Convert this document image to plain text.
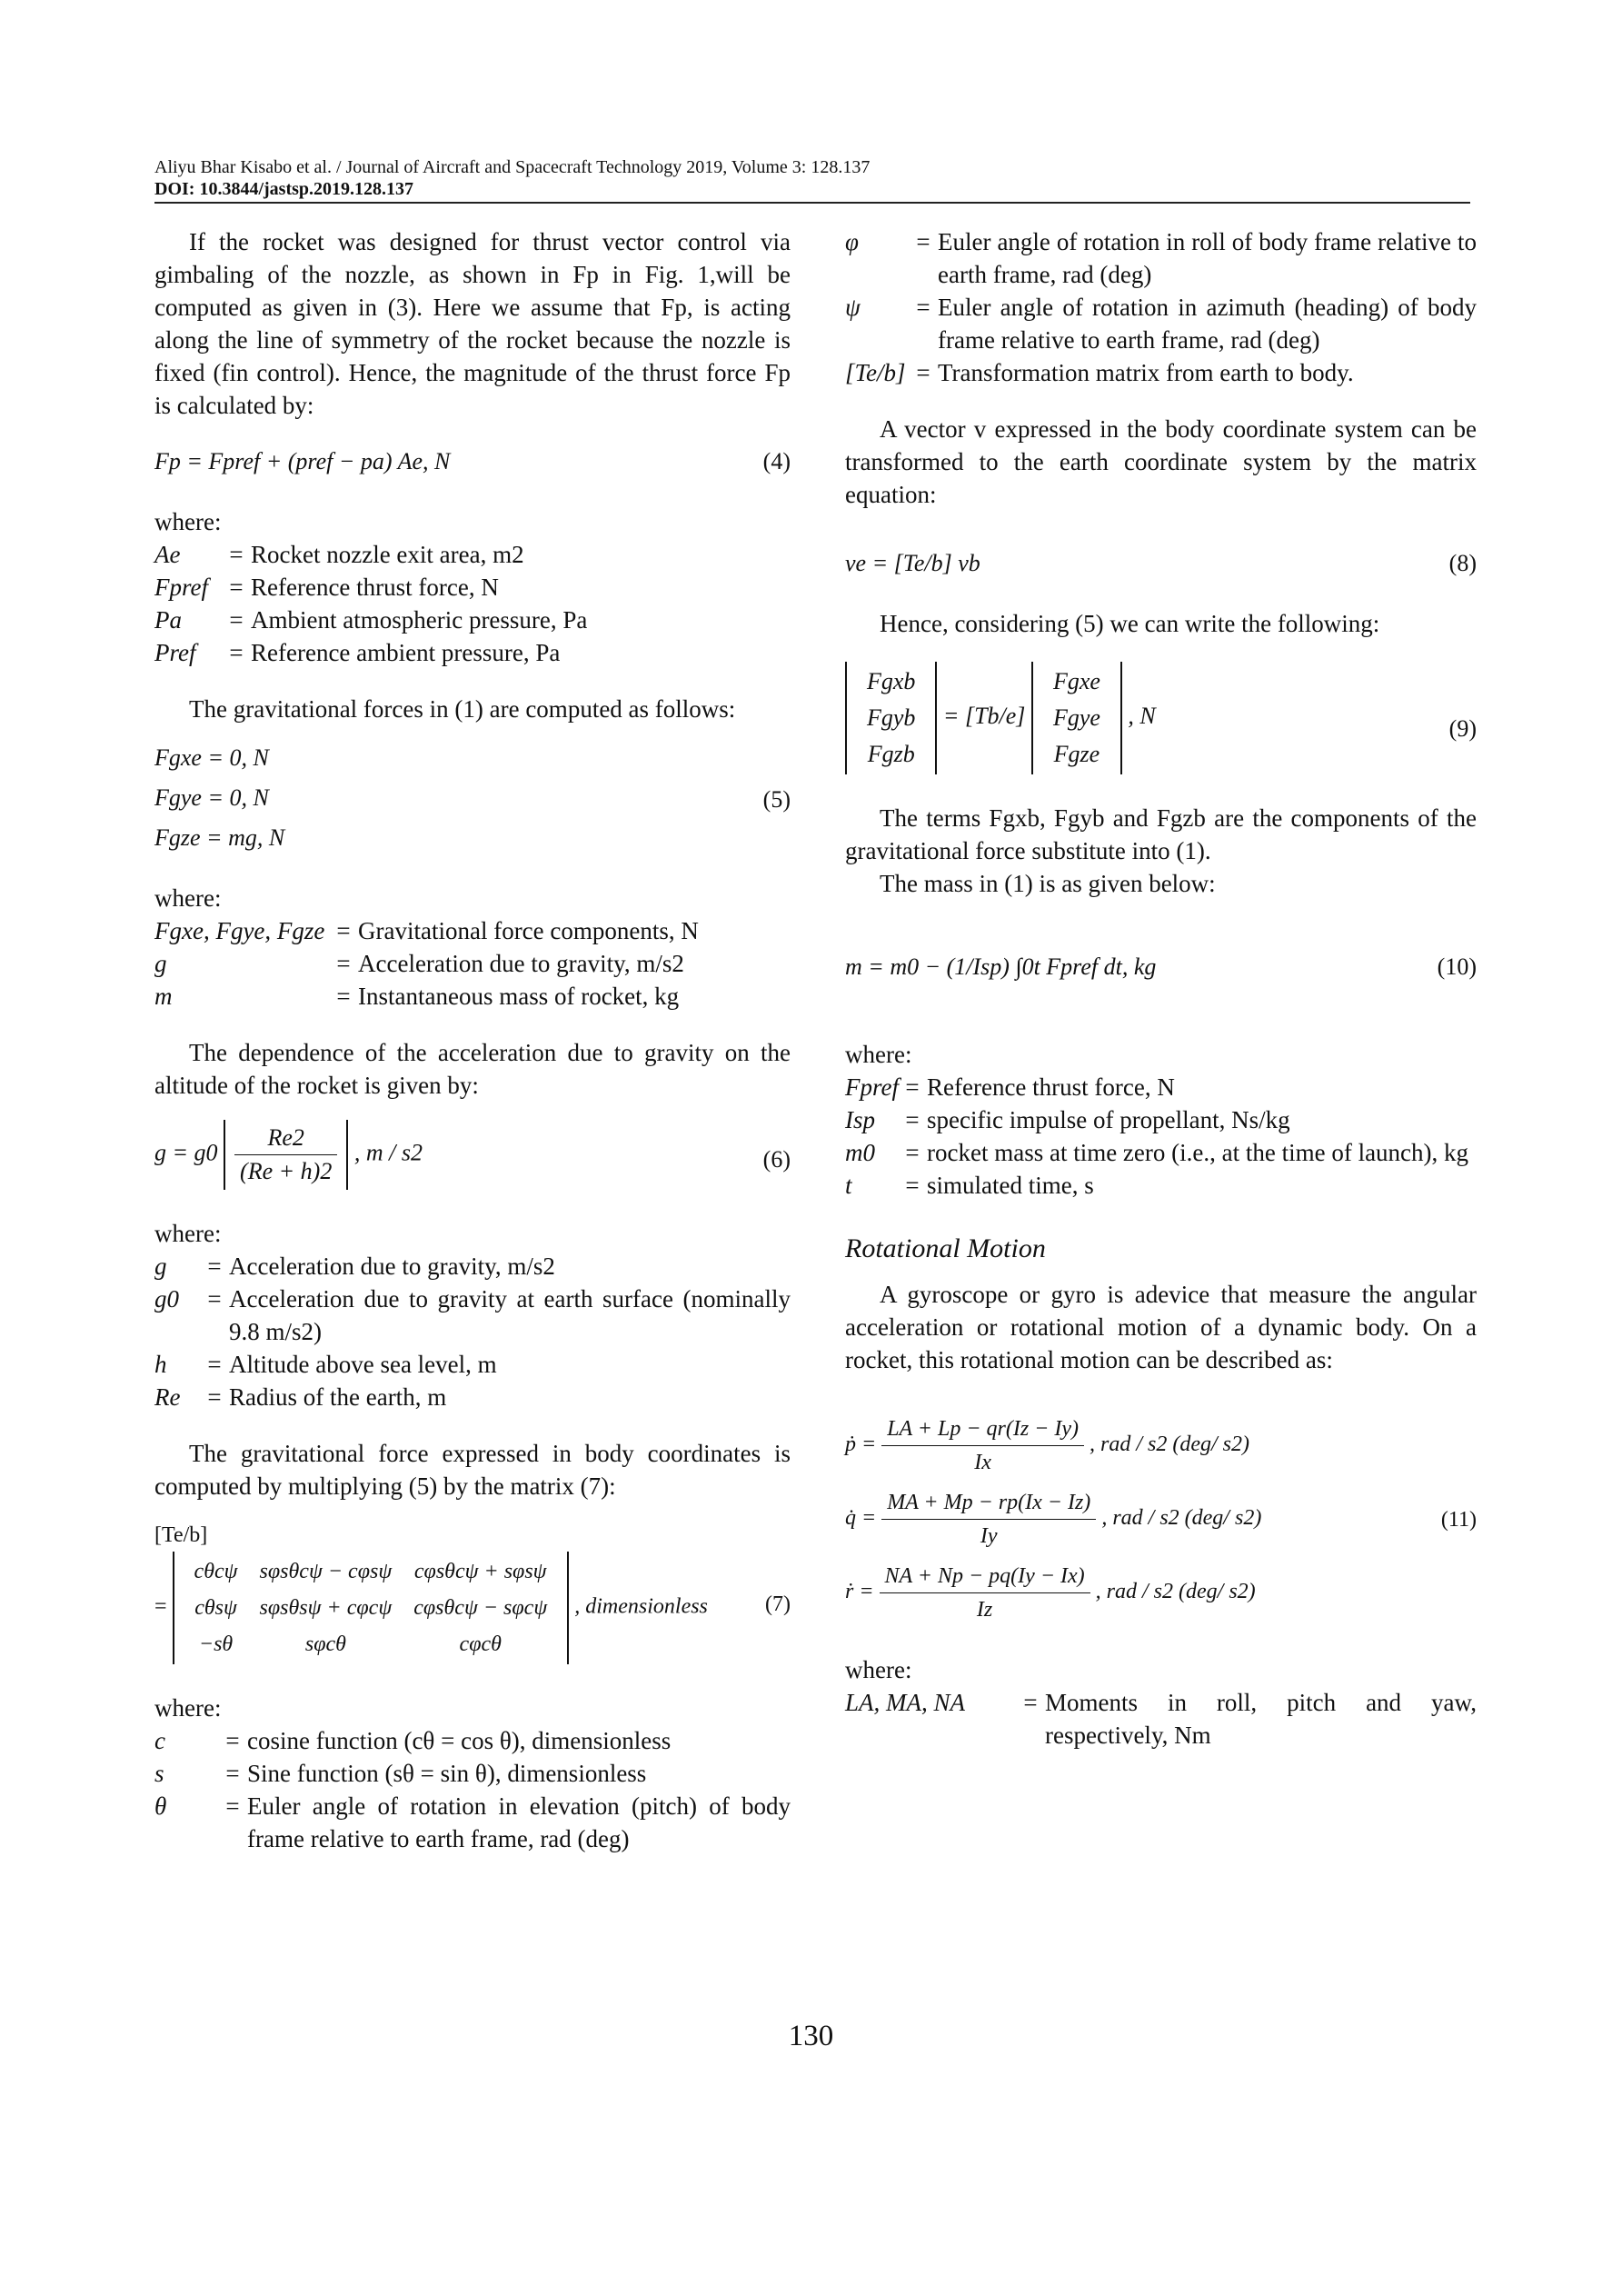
Aliyu Bhar Kisabo et al. / Journal of Aircraft and Spacecraft Technology 2019, Volume 3: 128.137
DOI: 10.3844/jastsp.2019.128.137

If the rocket was designed for thrust vector control via gimbaling of the nozzle, as shown in Fp in Fig. 1,will be computed as given in (3). Here we assume that Fp, is acting along the line of symmetry of the rocket because the nozzle is fixed (fin control). Hence, the magnitude of the thrust force Fp is calculated by:

Fp = Fpref + (pref − pa) Ae, N	(4)
where:
Ae	= Rocket nozzle exit area, m2
Fpref = Reference thrust force, N
Pa	= Ambient atmospheric pressure, Pa
Pref	= Reference ambient pressure, Pa

The gravitational forces in (1) are computed as follows:

Fgxe = 0, N
Fgye = 0, N
Fgze = mg, N
(5)
where:
Fgxe, Fgye, Fgze = Gravitational force components, N
g	= Acceleration due to gravity, m/s2
m	= Instantaneous mass of rocket, kg

The dependence of the acceleration due to gravity on the altitude of the rocket is given by:

$g = g0 \frac{Re2}{(Re + h)2}$ , m / s2	(6)
where:
g	= Acceleration due to gravity, m/s2
g0	= Acceleration due to gravity at earth surface (nominally 9.8 m/s2)
h	= Altitude above sea level, m
Re	= Radius of the earth, m

The gravitational force expressed in body coordinates is computed by multiplying (5) by the matrix (7):

[Te/b]
=
cθcψ	sφsθcψ − cφsψ	cφsθcψ + sφsψ
cθsψ	sφsθsψ + cφcψ	cφsθcψ − sφcψ
−sθ	sφcθ	cφcθ
, dimensionless	(7)
where:
c	= cosine function (cθ = cos θ), dimensionless
s	= Sine function (sθ = sin θ), dimensionless
θ	= Euler angle of rotation in elevation (pitch) of body frame relative to earth frame, rad (deg)
φ	= Euler angle of rotation in roll of body frame relative to earth frame, rad (deg)
ψ	= Euler angle of rotation in azimuth (heading) of body frame relative to earth frame, rad (deg)
[Te/b] = Transformation matrix from earth to body.

A vector v expressed in the body coordinate system can be transformed to the earth coordinate system by the matrix equation:

ve = [Te/b] vb	(8)

Hence, considering (5) we can write the following:

Fgxb
Fgyb
Fgzb
= [Tb/e]
Fgxe
Fgye
Fgze
, N	(9)

The terms Fgxb, Fgyb and Fgzb are the components of the gravitational force substitute into (1).

The mass in (1) is as given below:

m = m0 − (1/Isp) ∫0t Fpref dt, kg	(10)
where:
Fpref = Reference thrust force, N
Isp	= specific impulse of propellant, Ns/kg
m0	= rocket mass at time zero (i.e., at the time of launch), kg
t	= simulated time, s
Rotational Motion

A gyroscope or gyro is adevice that measure the angular acceleration or rotational motion of a dynamic body. On a rocket, this rotational motion can be described as:

ṗ = $\frac{LA + Lp - qr(Iz - Iy)}{Ix}$ , rad / s2 (deg/ s2)
q̇ = $\frac{MA + Mp - rp(Ix - Iz)}{Iy}$ , rad / s2 (deg/ s2)
ṙ = $\frac{NA + Np - pq(Iy - Ix)}{Iz}$ , rad / s2 (deg/ s2)
(11)
where:
LA, MA, NA	= Moments in roll, pitch and yaw, respectively, Nm
130
